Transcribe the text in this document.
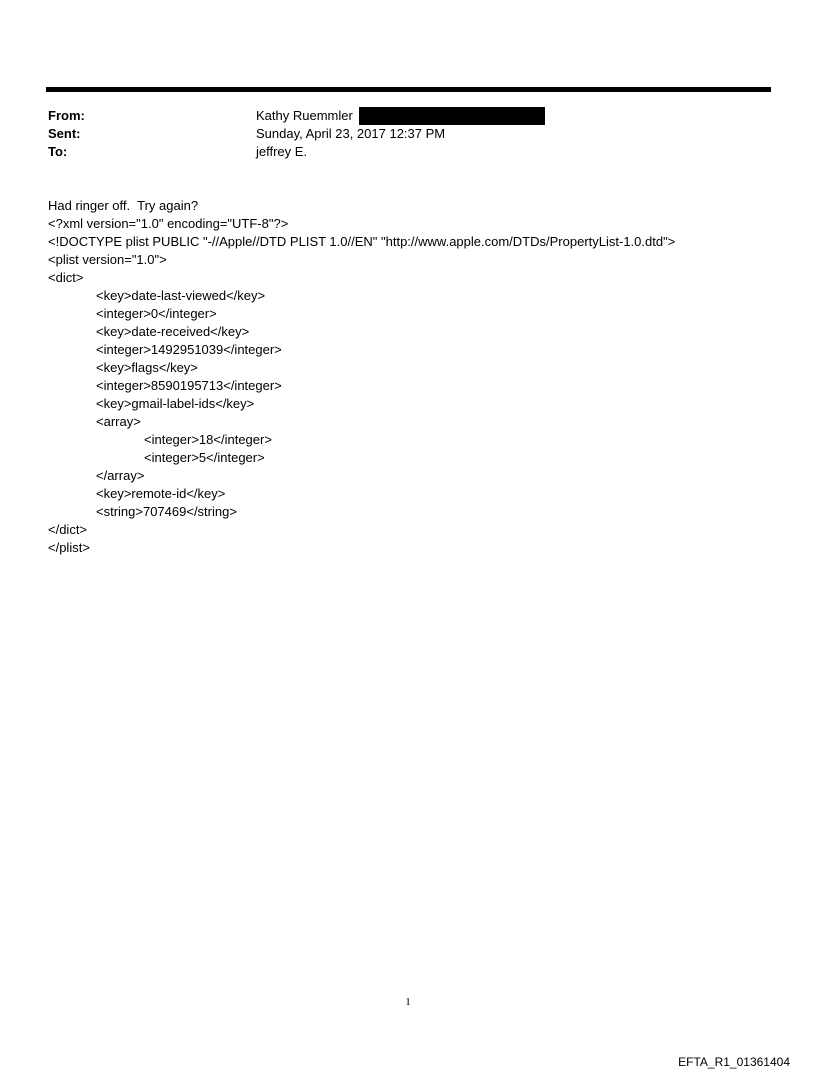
From:	Kathy Ruemmler
Sent:	Sunday, April 23, 2017 12:37 PM
To:	jeffrey E.
Had ringer off.  Try again?
<?xml version="1.0" encoding="UTF-8"?>
<!DOCTYPE plist PUBLIC "-//Apple//DTD PLIST 1.0//EN" "http://www.apple.com/DTDs/PropertyList-1.0.dtd">
<plist version="1.0">
<dict>
<key>date-last-viewed</key>
<integer>0</integer>
<key>date-received</key>
<integer>1492951039</integer>
<key>flags</key>
<integer>8590195713</integer>
<key>gmail-label-ids</key>
<array>
<integer>18</integer>
<integer>5</integer>
</array>
<key>remote-id</key>
<string>707469</string>
</dict>
</plist>
1
EFTA_R1_01361404
